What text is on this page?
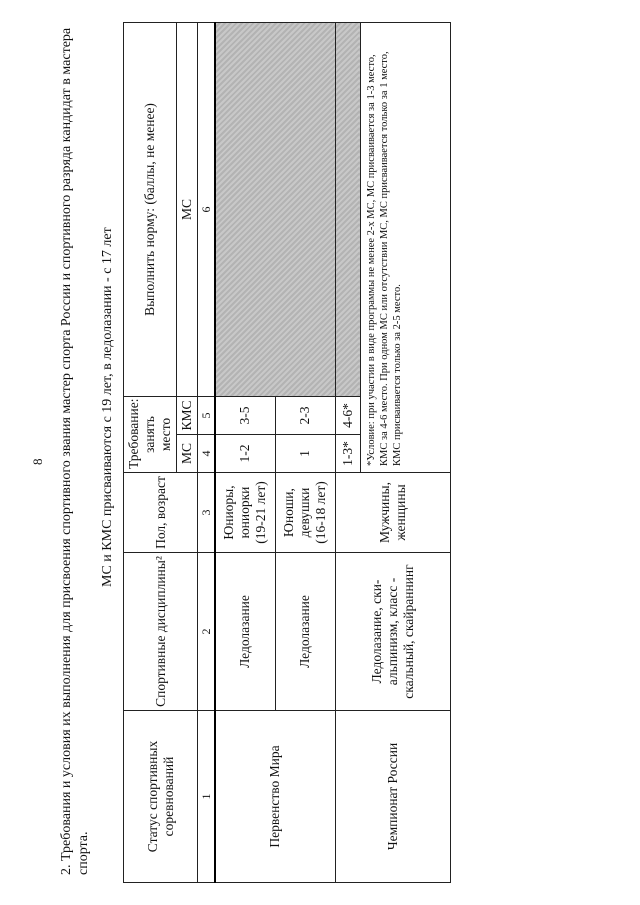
8 2. Требования и условия их выполнения для присвоения спортивного звания мастер спорта России и спортивного разряда кандидат в мастера спорта.
МС и КМС присваиваются с 19 лет, в ледолазании - с 17 лет
Статус спортивных соревнований	Спортивные дисциплины²	Пол, возраст	Требование: занять место		Выполнить норму: (баллы, не менее)
			МС	КМС	МС
1	2	3	4	5	6
Первенство Мира	Ледолазание	Юниоры, юниорки (19-21 лет)	1-2	3-5	
	Ледолазание	Юноши, девушки (16-18 лет)	1	2-3	
Чемпионат России	Ледолазание, ски-альпинизм, класс - скальный, скайраннинг	Мужчины, женщины	1-3*	4-6*	
			*Условие: при участии в виде программы не менее 2-х МС, МС присваивается за 1-3 место, КМС за 4-6 место. При одном МС или отсутствии МС, МС присваивается только за 1 место, КМС присваивается только за 2-5 место.		
